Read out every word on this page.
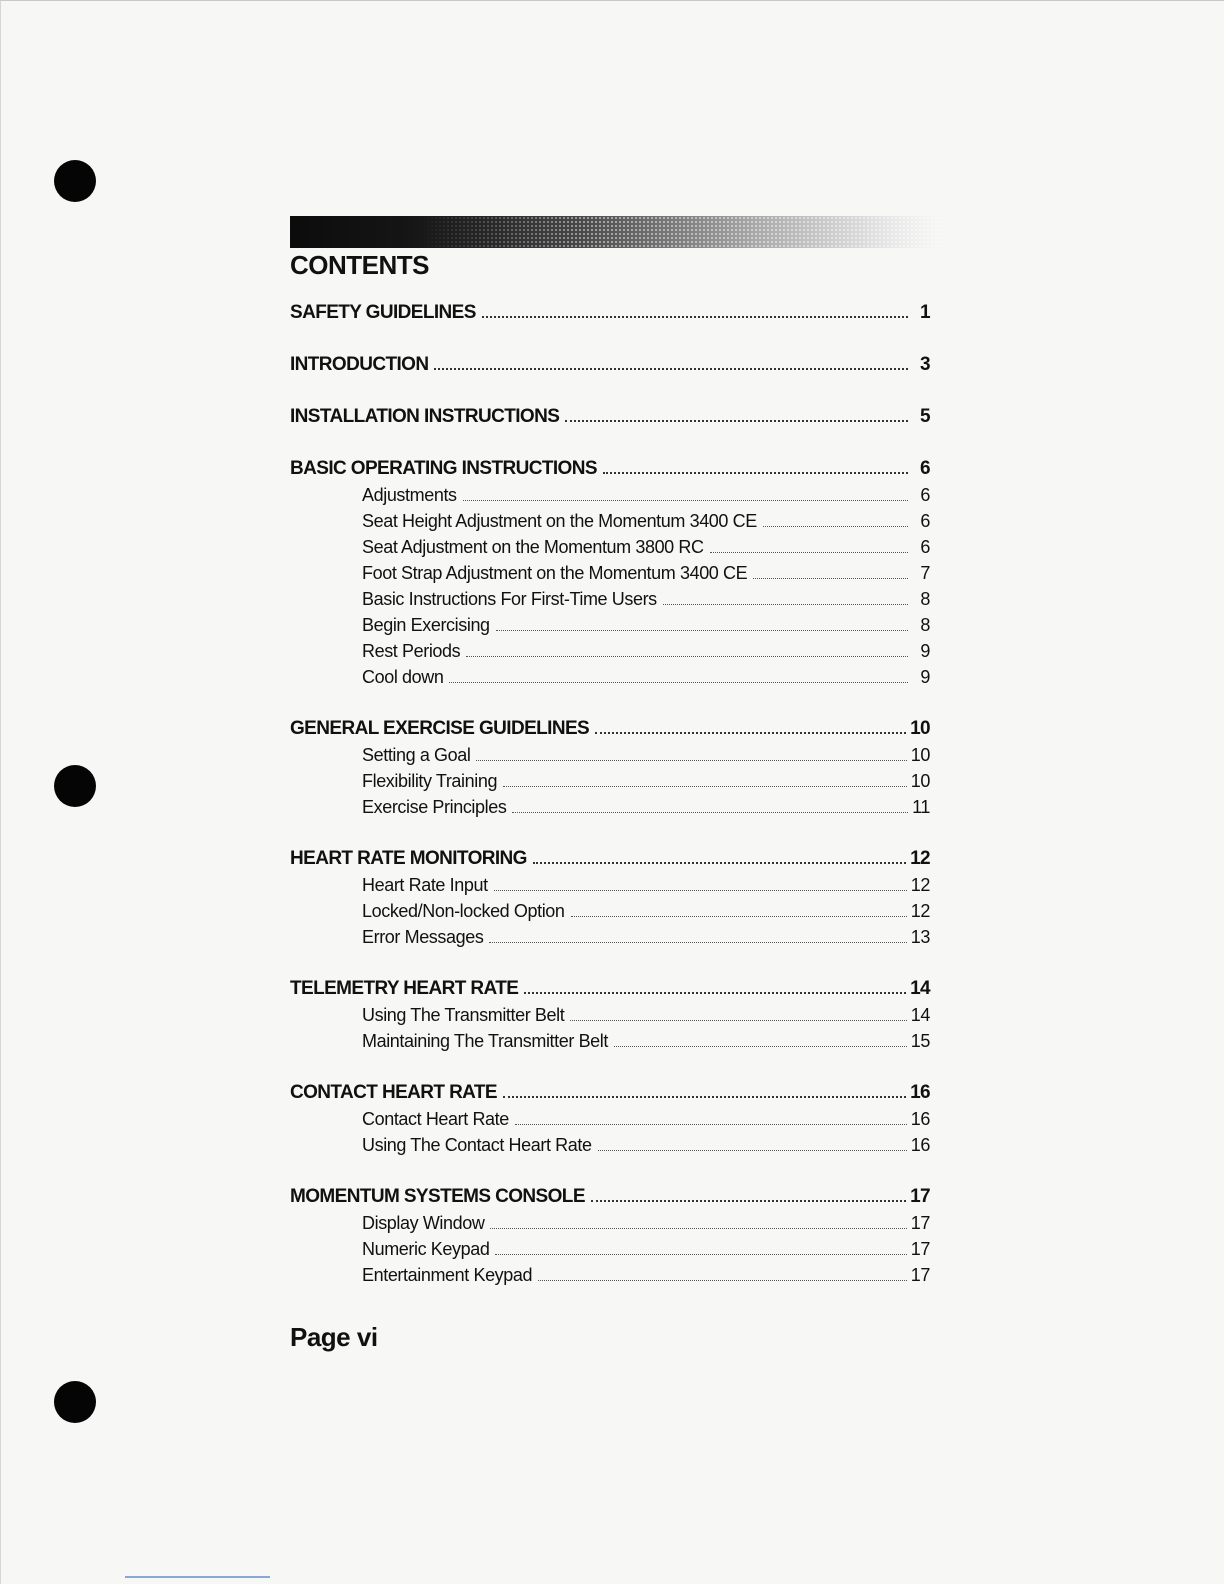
CONTENTS
SAFETY GUIDELINES	1
INTRODUCTION	3
INSTALLATION INSTRUCTIONS	5
BASIC OPERATING INSTRUCTIONS	6
Adjustments	6
Seat Height Adjustment on the Momentum 3400 CE	6
Seat Adjustment on the Momentum 3800 RC	6
Foot Strap Adjustment on the Momentum 3400 CE	7
Basic Instructions For First-Time Users	8
Begin Exercising	8
Rest Periods	9
Cool down	9
GENERAL EXERCISE GUIDELINES	10
Setting a Goal	10
Flexibility Training	10
Exercise Principles	11
HEART RATE MONITORING	12
Heart Rate Input	12
Locked/Non-locked Option	12
Error Messages	13
TELEMETRY HEART RATE	14
Using The Transmitter Belt	14
Maintaining The Transmitter Belt	15
CONTACT HEART RATE	16
Contact Heart Rate	16
Using The Contact Heart Rate	16
MOMENTUM SYSTEMS CONSOLE	17
Display Window	17
Numeric Keypad	17
Entertainment Keypad	17
Page vi
